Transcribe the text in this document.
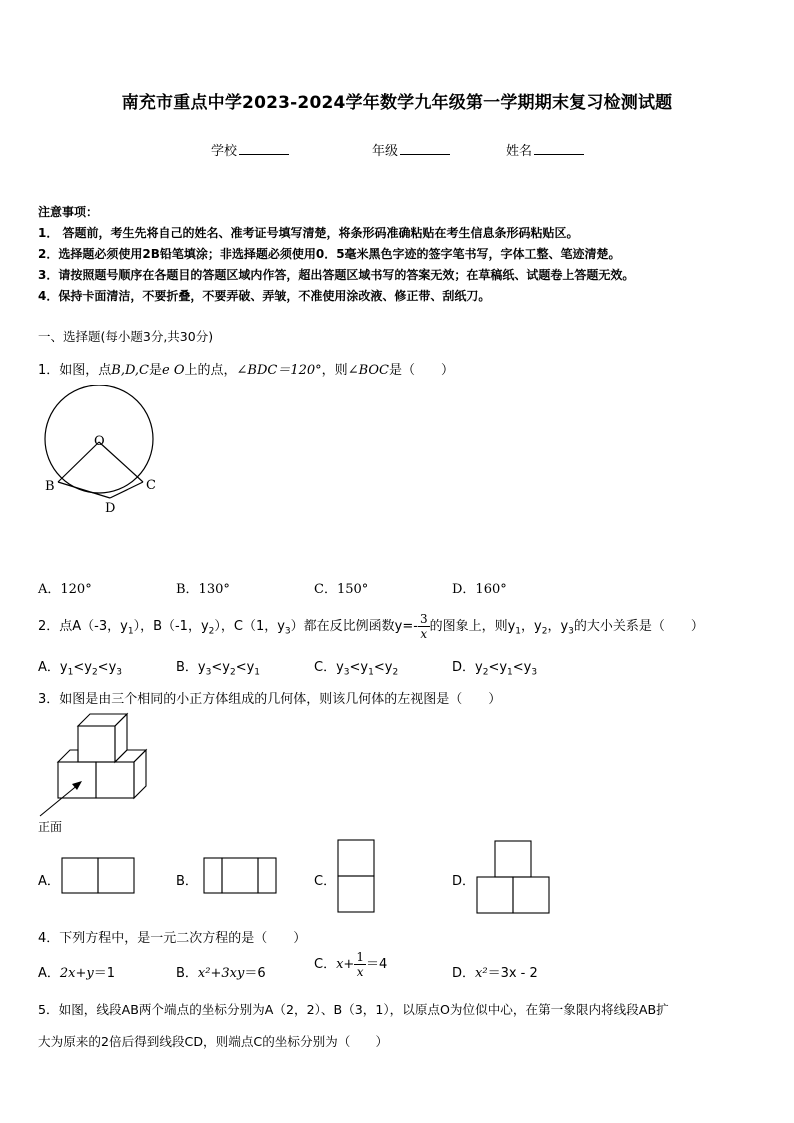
南充市重点中学2023-2024学年数学九年级第一学期期末复习检测试题
学校	年级	姓名
注意事项：
1． 答题前，考生先将自己的姓名、准考证号填写清楚，将条形码准确粘贴在考生信息条形码粘贴区。
2．选择题必须使用2B铅笔填涂；非选择题必须使用0．5毫米黑色字迹的签字笔书写，字体工整、笔迹清楚。
3．请按照题号顺序在各题目的答题区域内作答，超出答题区域书写的答案无效；在草稿纸、试题卷上答题无效。
4．保持卡面清洁，不要折叠，不要弄破、弄皱，不准使用涂改液、修正带、刮纸刀。
一、选择题(每小题3分,共30分)
1．如图，点B,D,C是e O上的点，∠BDC＝120°，则∠BOC是（　　）
O
B	C
D
A．120°	B．130°	C．150°	D．160°
2．点A（-3，$y_1$），B（-1，$y_2$），C（1，$y_3$）都在反比例函数$y=- \frac{3}{x}$ 的图象上，则$y_1$，$y_2$，$y_3$的大小关系是（　　）
A．$y_1<y_2<y_3$	B．$y_3<y_2<y_1$	C．$y_3<y_1<y_2$	D．$y_2<y_1<y_3$
3．如图是由三个相同的小正方体组成的几何体，则该几何体的左视图是（　　）
正面
A．	B．	C．	D．
4．下列方程中，是一元二次方程的是（　　）
A．2x+y＝1	B．x²+3xy＝6
C．$x+ \frac{1}{x} =4$
D．x²＝3x - 2
5．如图，线段AB两个端点的坐标分别为A（2，2）、B（3，1），以原点O为位似中心，在第一象限内将线段AB扩
大为原来的2倍后得到线段CD，则端点C的坐标分别为（　　）
